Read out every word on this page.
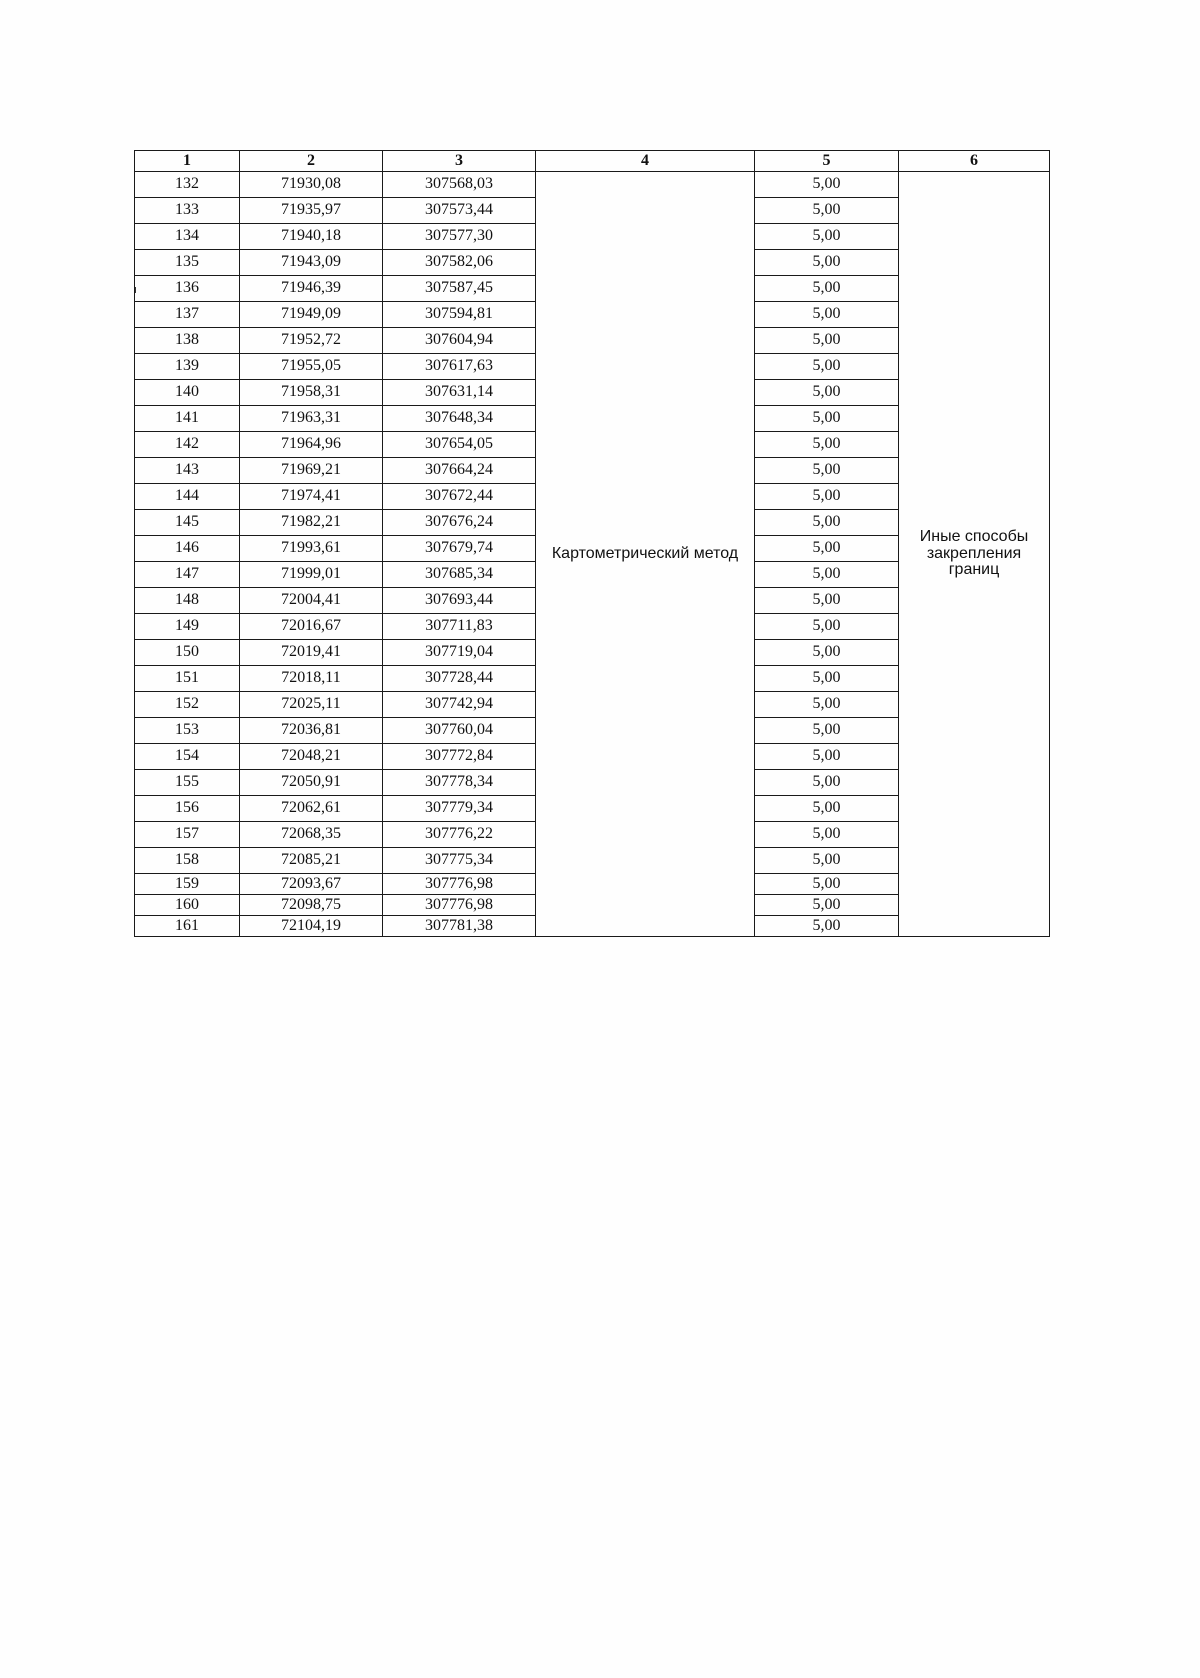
1	2	3	4	5	6
132	71930,08	307568,03	Картометрический метод	5,00	Иные способы закрепления границ
133	71935,97	307573,44		5,00	
134	71940,18	307577,30		5,00	
135	71943,09	307582,06		5,00	
136	71946,39	307587,45		5,00	
137	71949,09	307594,81		5,00	
138	71952,72	307604,94		5,00	
139	71955,05	307617,63		5,00	
140	71958,31	307631,14		5,00	
141	71963,31	307648,34		5,00	
142	71964,96	307654,05		5,00	
143	71969,21	307664,24		5,00	
144	71974,41	307672,44		5,00	
145	71982,21	307676,24		5,00	
146	71993,61	307679,74		5,00	
147	71999,01	307685,34		5,00	
148	72004,41	307693,44		5,00	
149	72016,67	307711,83		5,00	
150	72019,41	307719,04		5,00	
151	72018,11	307728,44		5,00	
152	72025,11	307742,94		5,00	
153	72036,81	307760,04		5,00	
154	72048,21	307772,84		5,00	
155	72050,91	307778,34		5,00	
156	72062,61	307779,34		5,00	
157	72068,35	307776,22		5,00	
158	72085,21	307775,34		5,00	
159	72093,67	307776,98		5,00	
160	72098,75	307776,98		5,00	
161	72104,19	307781,38		5,00	
